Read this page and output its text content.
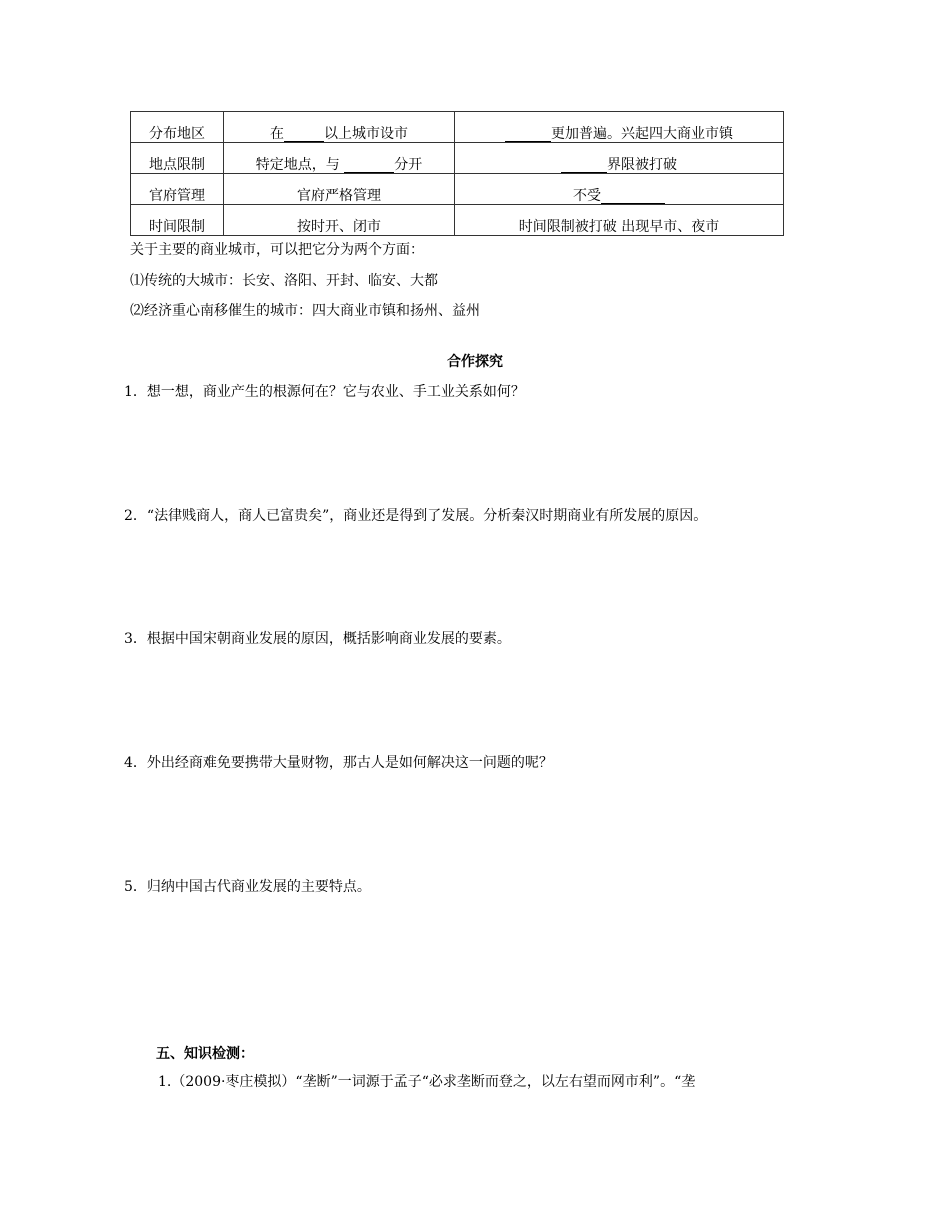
分布地区	在 以上城市设市	更加普遍。兴起四大商业市镇
地点限制	特定地点，与 分开	界限被打破
官府管理	官府严格管理	不受
时间限制	按时开、闭市	时间限制被打破 出现早市、夜市
关于主要的商业城市，可以把它分为两个方面：
⑴传统的大城市：长安、洛阳、开封、临安、大都
⑵经济重心南移催生的城市：四大商业市镇和扬州、益州
合作探究
1．想一想，商业产生的根源何在？它与农业、手工业关系如何？
2．“法律贱商人，商人已富贵矣”，商业还是得到了发展。分析秦汉时期商业有所发展的原因。
3．根据中国宋朝商业发展的原因，概括影响商业发展的要素。
4．外出经商难免要携带大量财物，那古人是如何解决这一问题的呢？
5．归纳中国古代商业发展的主要特点。
五、知识检测：
1.（2009·枣庄模拟）“垄断”一词源于孟子“必求垄断而登之，以左右望而网市利”。“垄
